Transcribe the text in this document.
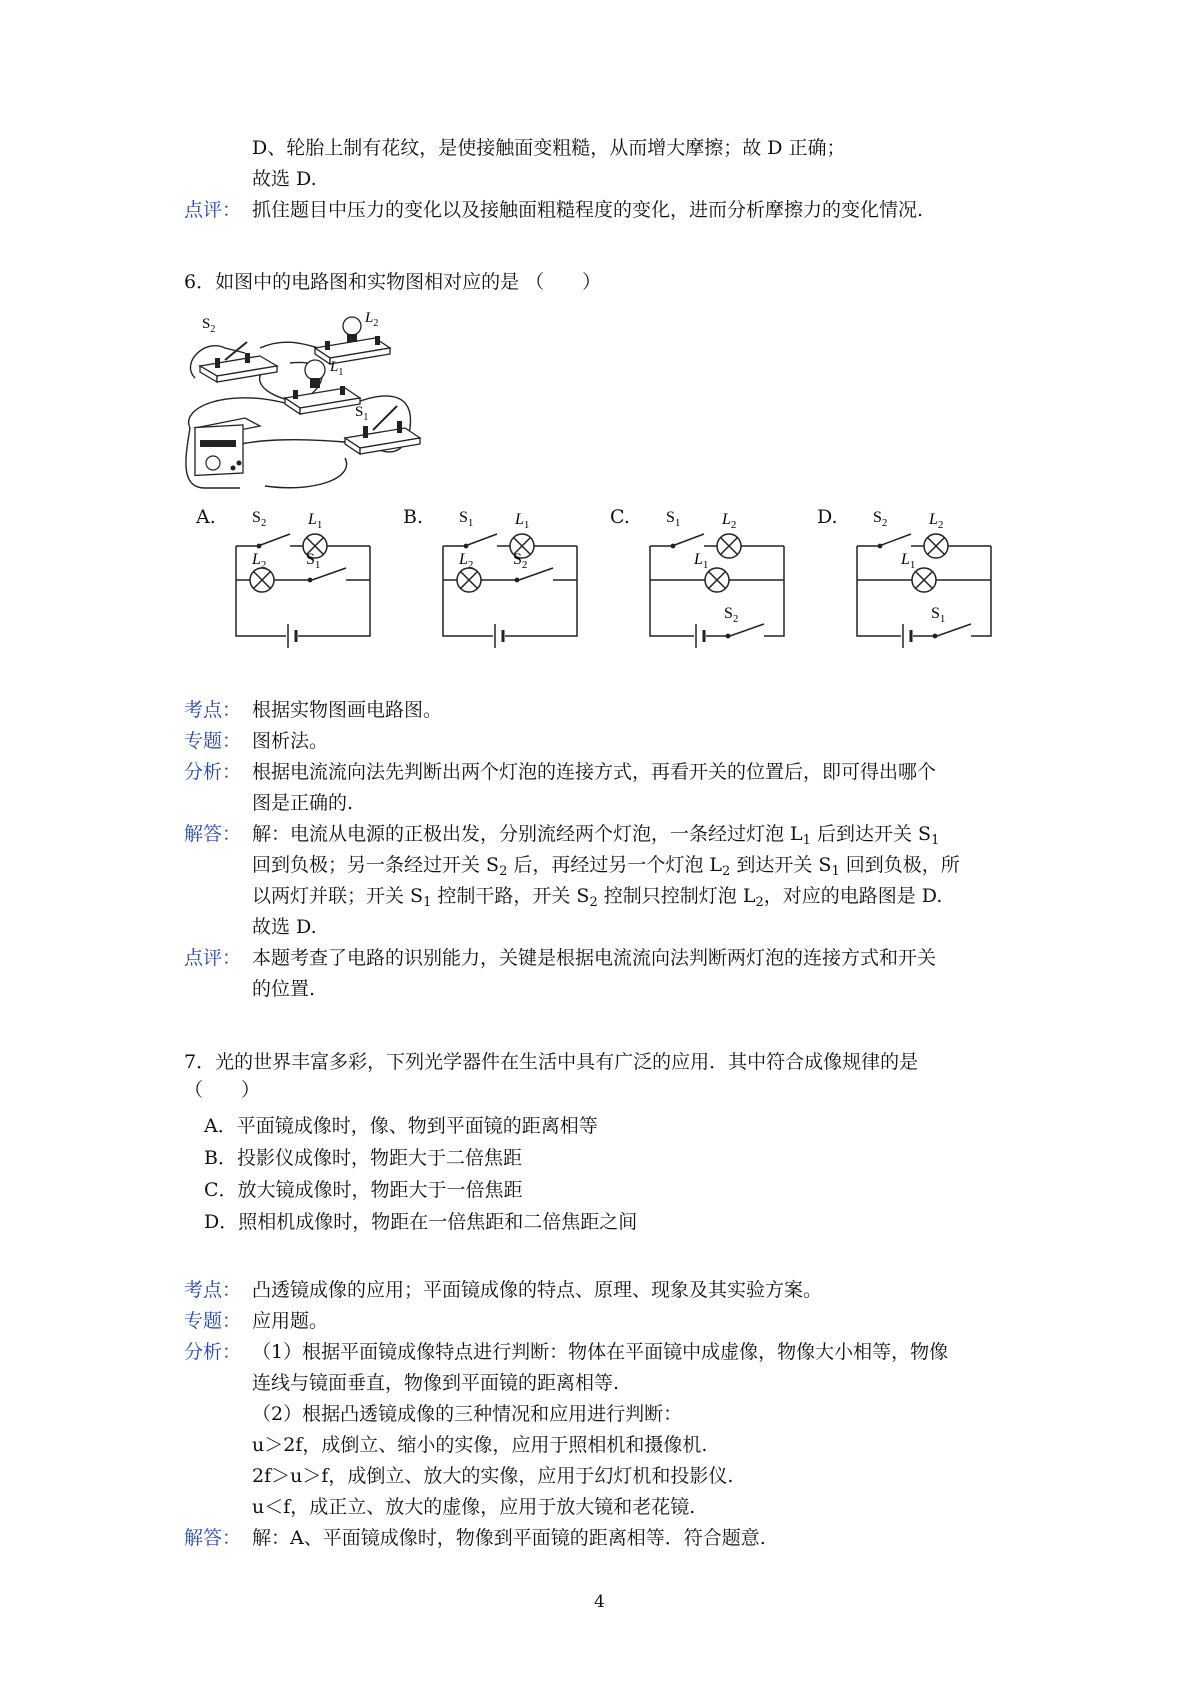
D、轮胎上制有花纹，是使接触面变粗糙，从而增大摩擦；故 D 正确；
故选 D.
点评： 抓住题目中压力的变化以及接触面粗糙程度的变化，进而分析摩擦力的变化情况.
6．如图中的电路图和实物图相对应的是 （　　）
$S_2$
$L_2$
$L_1$
$S_1$
A. $S_2$	$L_1$
$L_2$ $S_1$
B. $S_1$	$L_1$
$L_2$ $S_2$
C. $S_1$	$L_2$
$L_1$
$S_2$
D. $S_2$	$L_2$
$L_1$
$S_1$
考点： 根据实物图画电路图。
专题： 图析法。
分析： 根据电流流向法先判断出两个灯泡的连接方式，再看开关的位置后，即可得出哪个
图是正确的.
解答： 解：电流从电源的正极出发，分别流经两个灯泡，一条经过灯泡 $L_1$ 后到达开关 $S_1$
回到负极；另一条经过开关 $S_2$ 后，再经过另一个灯泡 $L_2$ 到达开关 $S_1$ 回到负极，所
以两灯并联；开关 $S_1$ 控制干路，开关 $S_2$ 控制只控制灯泡 $L_2$，对应的电路图是 D.
故选 D.
点评： 本题考查了电路的识别能力，关键是根据电流流向法判断两灯泡的连接方式和开关
的位置.
7．光的世界丰富多彩，下列光学器件在生活中具有广泛的应用．其中符合成像规律的是
（　　）
A．平面镜成像时，像、物到平面镜的距离相等
B．投影仪成像时，物距大于二倍焦距
C．放大镜成像时，物距大于一倍焦距
D．照相机成像时，物距在一倍焦距和二倍焦距之间
考点： 凸透镜成像的应用；平面镜成像的特点、原理、现象及其实验方案。
专题： 应用题。
分析： （1）根据平面镜成像特点进行判断：物体在平面镜中成虚像，物像大小相等，物像
连线与镜面垂直，物像到平面镜的距离相等.
（2）根据凸透镜成像的三种情况和应用进行判断：
u＞2f，成倒立、缩小的实像，应用于照相机和摄像机.
2f＞u＞f，成倒立、放大的实像，应用于幻灯机和投影仪.
u＜f，成正立、放大的虚像，应用于放大镜和老花镜.
解答： 解：A、平面镜成像时，物像到平面镜的距离相等．符合题意.
4
